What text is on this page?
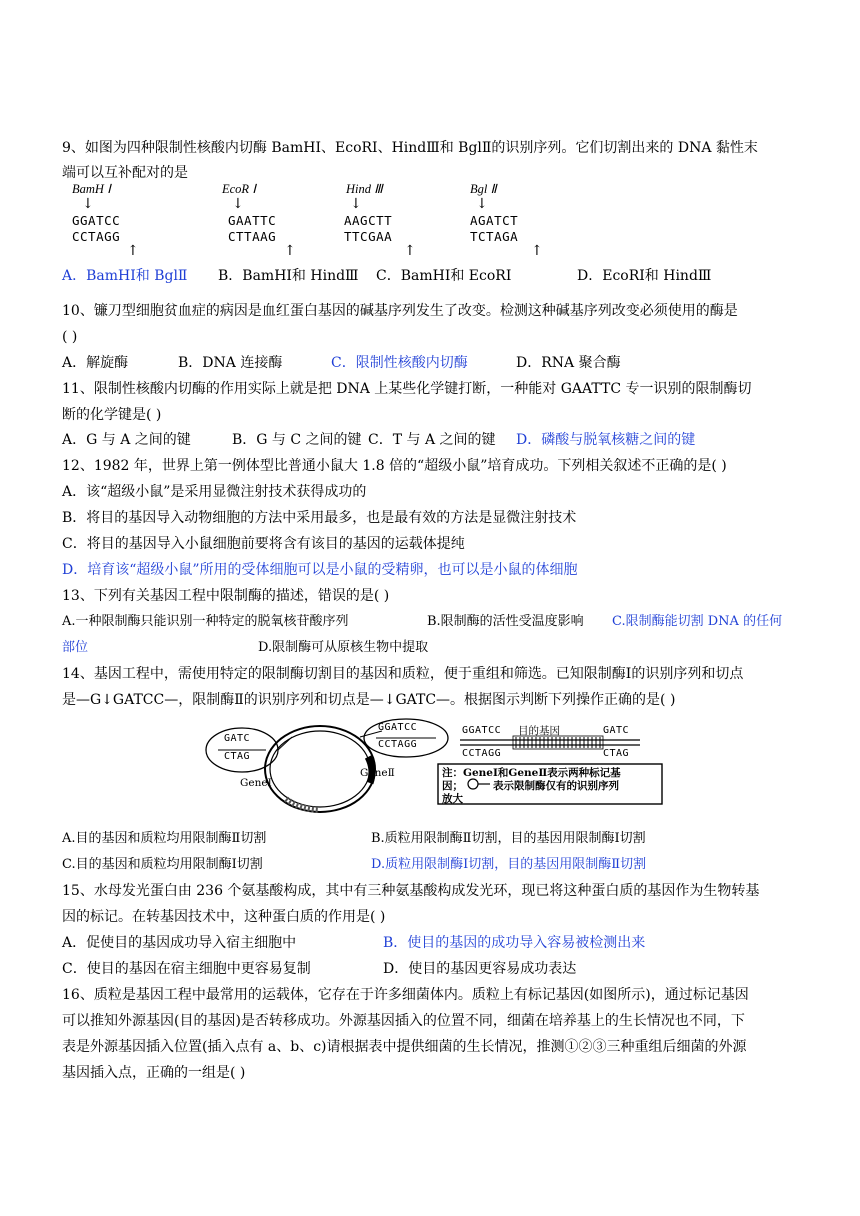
9、如图为四种限制性核酸内切酶 BamHⅠ、EcoRⅠ、HindⅢ和 BglⅡ的识别序列。它们切割出来的 DNA 黏性末
端可以互补配对的是
BamH Ⅰ
↓
GGATCC
CCTAGG
↑
EcoR Ⅰ
↓
GAATTC
CTTAAG
↑
Hind Ⅲ
↓
AAGCTT
TTCGAA
↑
Bgl Ⅱ
↓
AGATCT
TCTAGA
↑
A．BamHⅠ和 BglⅡ B．BamHⅠ和 HindⅢ C．BamHⅠ和 EcoRⅠ	D．EcoRⅠ和 HindⅢ
10、镰刀型细胞贫血症的病因是血红蛋白基因的碱基序列发生了改变。检测这种碱基序列改变必须使用的酶是
( )
A．解旋酶	B．DNA 连接酶	C．限制性核酸内切酶	D．RNA 聚合酶
11、限制性核酸内切酶的作用实际上就是把 DNA 上某些化学键打断，一种能对 GAATTC 专一识别的限制酶切
断的化学键是( )
A．G 与 A 之间的键	B．G 与 C 之间的键 C．T 与 A 之间的键 D．磷酸与脱氧核糖之间的键
12、1982 年，世界上第一例体型比普通小鼠大 1.8 倍的“超级小鼠”培育成功。下列相关叙述不正确的是( )
A．该“超级小鼠”是采用显微注射技术获得成功的
B．将目的基因导入动物细胞的方法中采用最多，也是最有效的方法是显微注射技术
C．将目的基因导入小鼠细胞前要将含有该目的基因的运载体提纯
D．培育该“超级小鼠”所用的受体细胞可以是小鼠的受精卵，也可以是小鼠的体细胞
13、下列有关基因工程中限制酶的描述，错误的是( )
A.一种限制酶只能识别一种特定的脱氧核苷酸序列	B.限制酶的活性受温度影响 C.限制酶能切割 DNA 的任何
部位	D.限制酶可从原核生物中提取
14、基因工程中，需使用特定的限制酶切割目的基因和质粒，便于重组和筛选。已知限制酶Ⅰ的识别序列和切点
是—G↓GATCC—，限制酶Ⅱ的识别序列和切点是—↓GATC—。根据图示判断下列操作正确的是( )
GATC
CTAG
GGATCC
CCTAGG
GeneⅠ
GeneⅡ
GGATCC 目的基因	GATC
CCTAGG	CTAG
注：GeneⅠ和GeneⅡ表示两种标记基
因；	表示限制酶仅有的识别序列
放大
A.目的基因和质粒均用限制酶Ⅱ切割	B.质粒用限制酶Ⅱ切割，目的基因用限制酶Ⅰ切割
C.目的基因和质粒均用限制酶Ⅰ切割	D.质粒用限制酶Ⅰ切割，目的基因用限制酶Ⅱ切割
15、水母发光蛋白由 236 个氨基酸构成，其中有三种氨基酸构成发光环，现已将这种蛋白质的基因作为生物转基
因的标记。在转基因技术中，这种蛋白质的作用是( )
A．促使目的基因成功导入宿主细胞中	B．使目的基因的成功导入容易被检测出来
C．使目的基因在宿主细胞中更容易复制	D．使目的基因更容易成功表达
16、质粒是基因工程中最常用的运载体，它存在于许多细菌体内。质粒上有标记基因(如图所示)，通过标记基因
可以推知外源基因(目的基因)是否转移成功。外源基因插入的位置不同，细菌在培养基上的生长情况也不同，下
表是外源基因插入位置(插入点有 a、b、c)请根据表中提供细菌的生长情况，推测①②③三种重组后细菌的外源
基因插入点，正确的一组是( )
